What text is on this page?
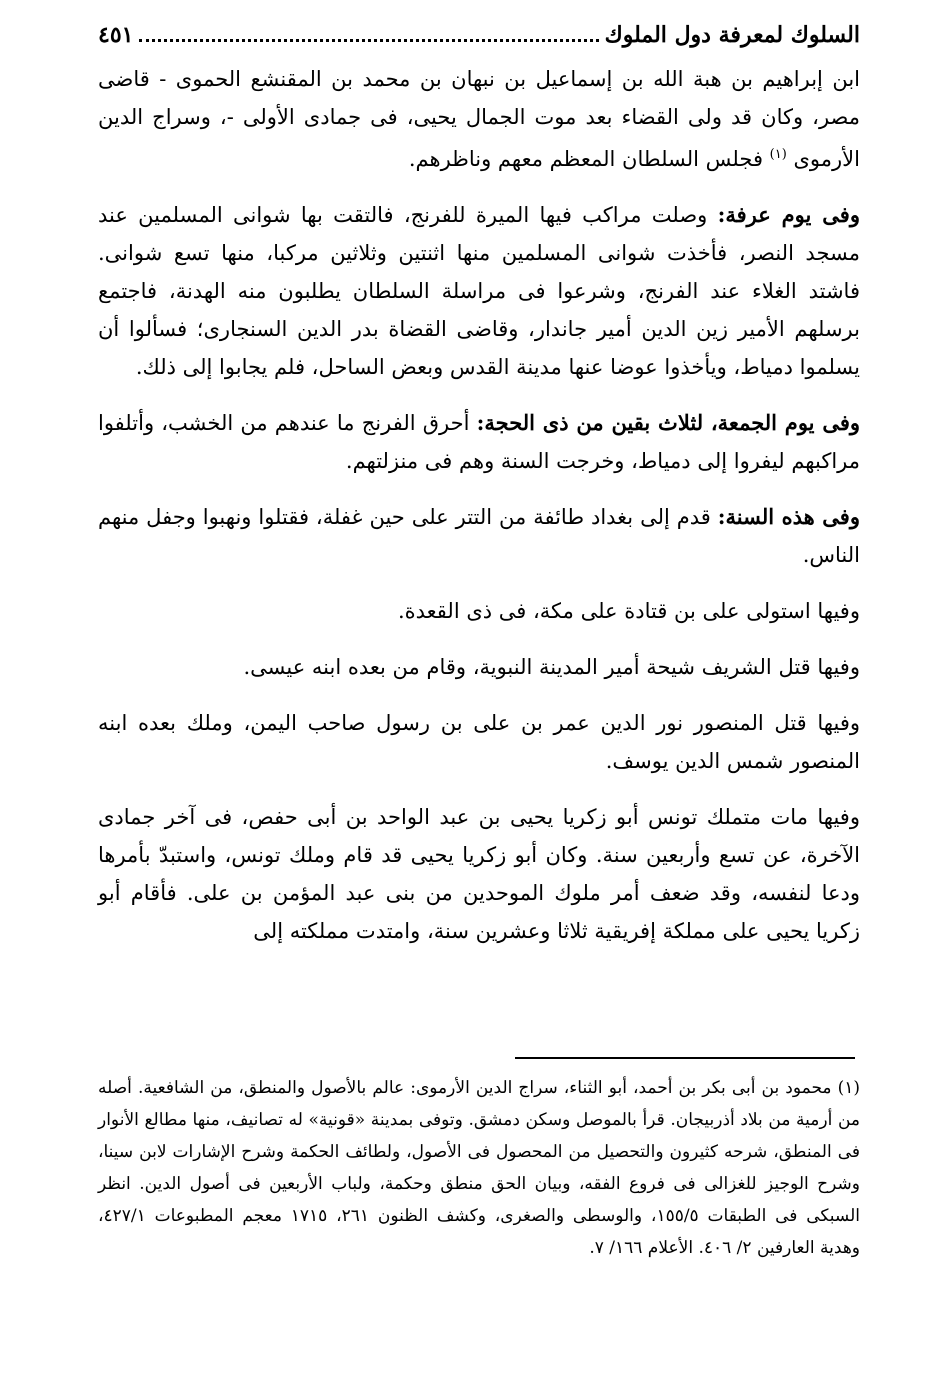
السلوك لمعرفة دول الملوك
٤٥١

ابن إبراهيم بن هبة الله بن إسماعيل بن نبهان بن محمد بن المقنشع الحموى - قاضى مصر، وكان قد ولى القضاء بعد موت الجمال يحيى، فى جمادى الأولى -، وسراج الدين الأرموى $^{(١)}$ فجلس السلطان المعظم معهم وناظرهم.

وفى يوم عرفة: وصلت مراكب فيها الميرة للفرنج، فالتقت بها شوانى المسلمين عند مسجد النصر، فأخذت شوانى المسلمين منها اثنتين وثلاثين مركبا، منها تسع شوانى. فاشتد الغلاء عند الفرنج، وشرعوا فى مراسلة السلطان يطلبون منه الهدنة، فاجتمع برسلهم الأمير زين الدين أمير جاندار، وقاضى القضاة بدر الدين السنجارى؛ فسألوا أن يسلموا دمياط، ويأخذوا عوضا عنها مدينة القدس وبعض الساحل، فلم يجابوا إلى ذلك.

وفى يوم الجمعة، لثلاث بقين من ذى الحجة: أحرق الفرنج ما عندهم من الخشب، وأتلفوا مراكبهم ليفروا إلى دمياط، وخرجت السنة وهم فى منزلتهم.

وفى هذه السنة: قدم إلى بغداد طائفة من التتر على حين غفلة، فقتلوا ونهبوا وجفل منهم الناس.

وفيها استولى على بن قتادة على مكة، فى ذى القعدة.

وفيها قتل الشريف شيحة أمير المدينة النبوية، وقام من بعده ابنه عيسى.

وفيها قتل المنصور نور الدين عمر بن على بن رسول صاحب اليمن، وملك بعده ابنه المنصور شمس الدين يوسف.

وفيها مات متملك تونس أبو زكريا يحيى بن عبد الواحد بن أبى حفص، فى آخر جمادى الآخرة، عن تسع وأربعين سنة. وكان أبو زكريا يحيى قد قام وملك تونس، واستبدّ بأمرها ودعا لنفسه، وقد ضعف أمر ملوك الموحدين من بنى عبد المؤمن بن على. فأقام أبو زكريا يحيى على مملكة إفريقية ثلاثا وعشرين سنة، وامتدت مملكته إلى

(١) محمود بن أبى بكر بن أحمد، أبو الثناء، سراج الدين الأرموى: عالم بالأصول والمنطق، من الشافعية. أصله من أرمية من بلاد أذربيجان. قرأ بالموصل وسكن دمشق. وتوفى بمدينة «قونية» له تصانيف، منها مطالع الأنوار فى المنطق، شرحه كثيرون والتحصيل من المحصول فى الأصول، ولطائف الحكمة وشرح الإشارات لابن سينا، وشرح الوجيز للغزالى فى فروع الفقه، وبيان الحق منطق وحكمة، ولباب الأربعين فى أصول الدين. انظر السبكى فى الطبقات ١٥٥/٥، والوسطى والصغرى، وكشف الظنون ٢٦١، ١٧١٥ معجم المطبوعات ٤٢٧/١، وهدية العارفين ٢/ ٤٠٦. الأعلام ١٦٦/ ٧.
